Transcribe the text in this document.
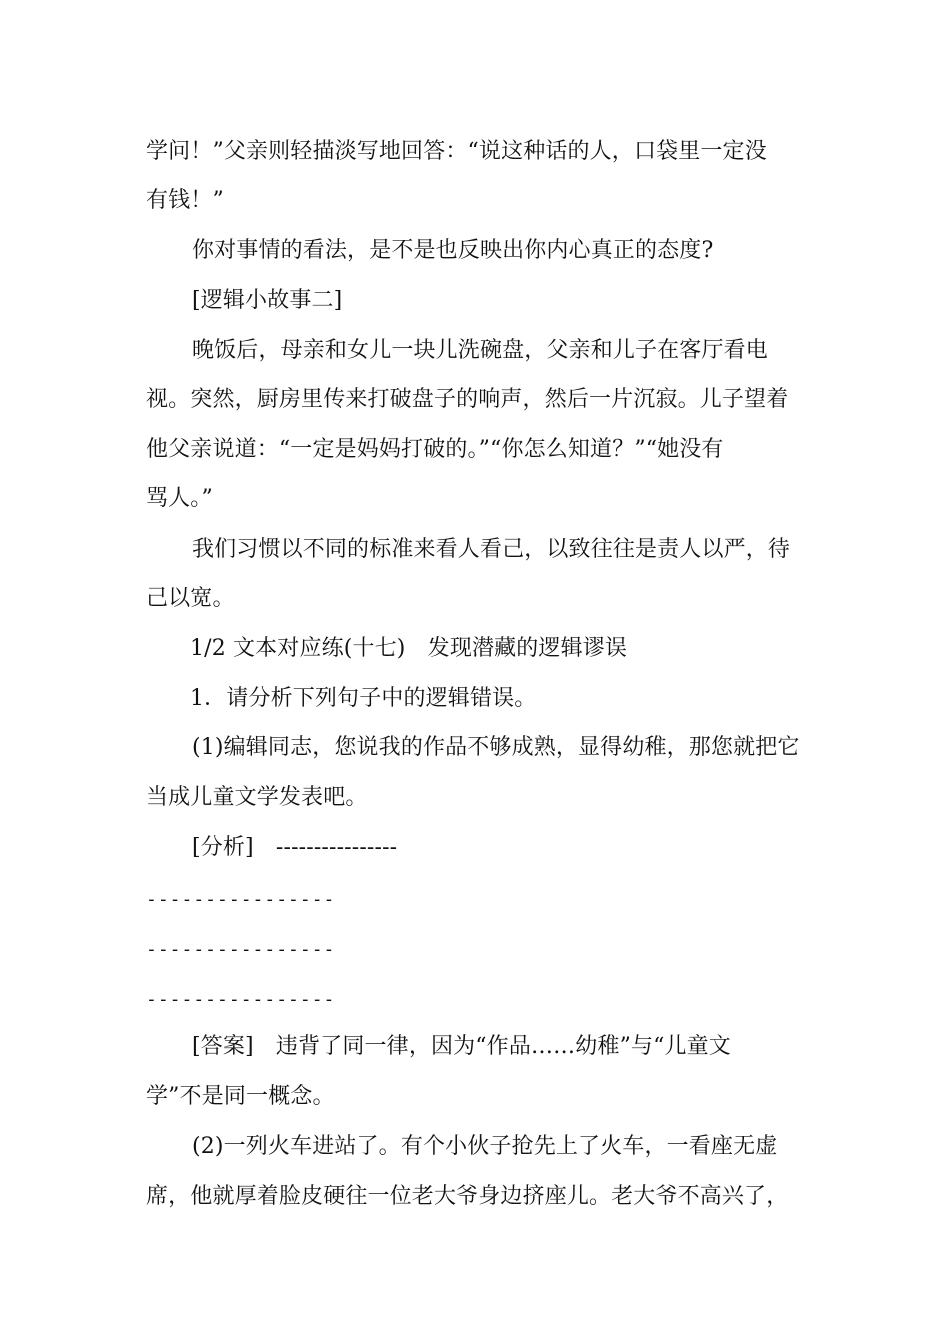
学问！”父亲则轻描淡写地回答：“说这种话的人，口袋里一定没
有钱！”
你对事情的看法，是不是也反映出你内心真正的态度?
[逻辑小故事二]
晚饭后，母亲和女儿一块儿洗碗盘，父亲和儿子在客厅看电
视。突然，厨房里传来打破盘子的响声，然后一片沉寂。儿子望着
他父亲说道：“一定是妈妈打破的。”“你怎么知道？”“她没有
骂人。”
我们习惯以不同的标准来看人看己，以致往往是责人以严，待
己以宽。
1/2 文本对应练(十七)　发现潜藏的逻辑谬误
1．请分析下列句子中的逻辑错误。
(1)编辑同志，您说我的作品不够成熟，显得幼稚，那您就把它
当成儿童文学发表吧。
[分析]　----------------
----------------
----------------
----------------
[答案]　违背了同一律，因为“作品……幼稚”与“儿童文
学”不是同一概念。
(2)一列火车进站了。有个小伙子抢先上了火车，一看座无虚
席，他就厚着脸皮硬往一位老大爷身边挤座儿。老大爷不高兴了，
